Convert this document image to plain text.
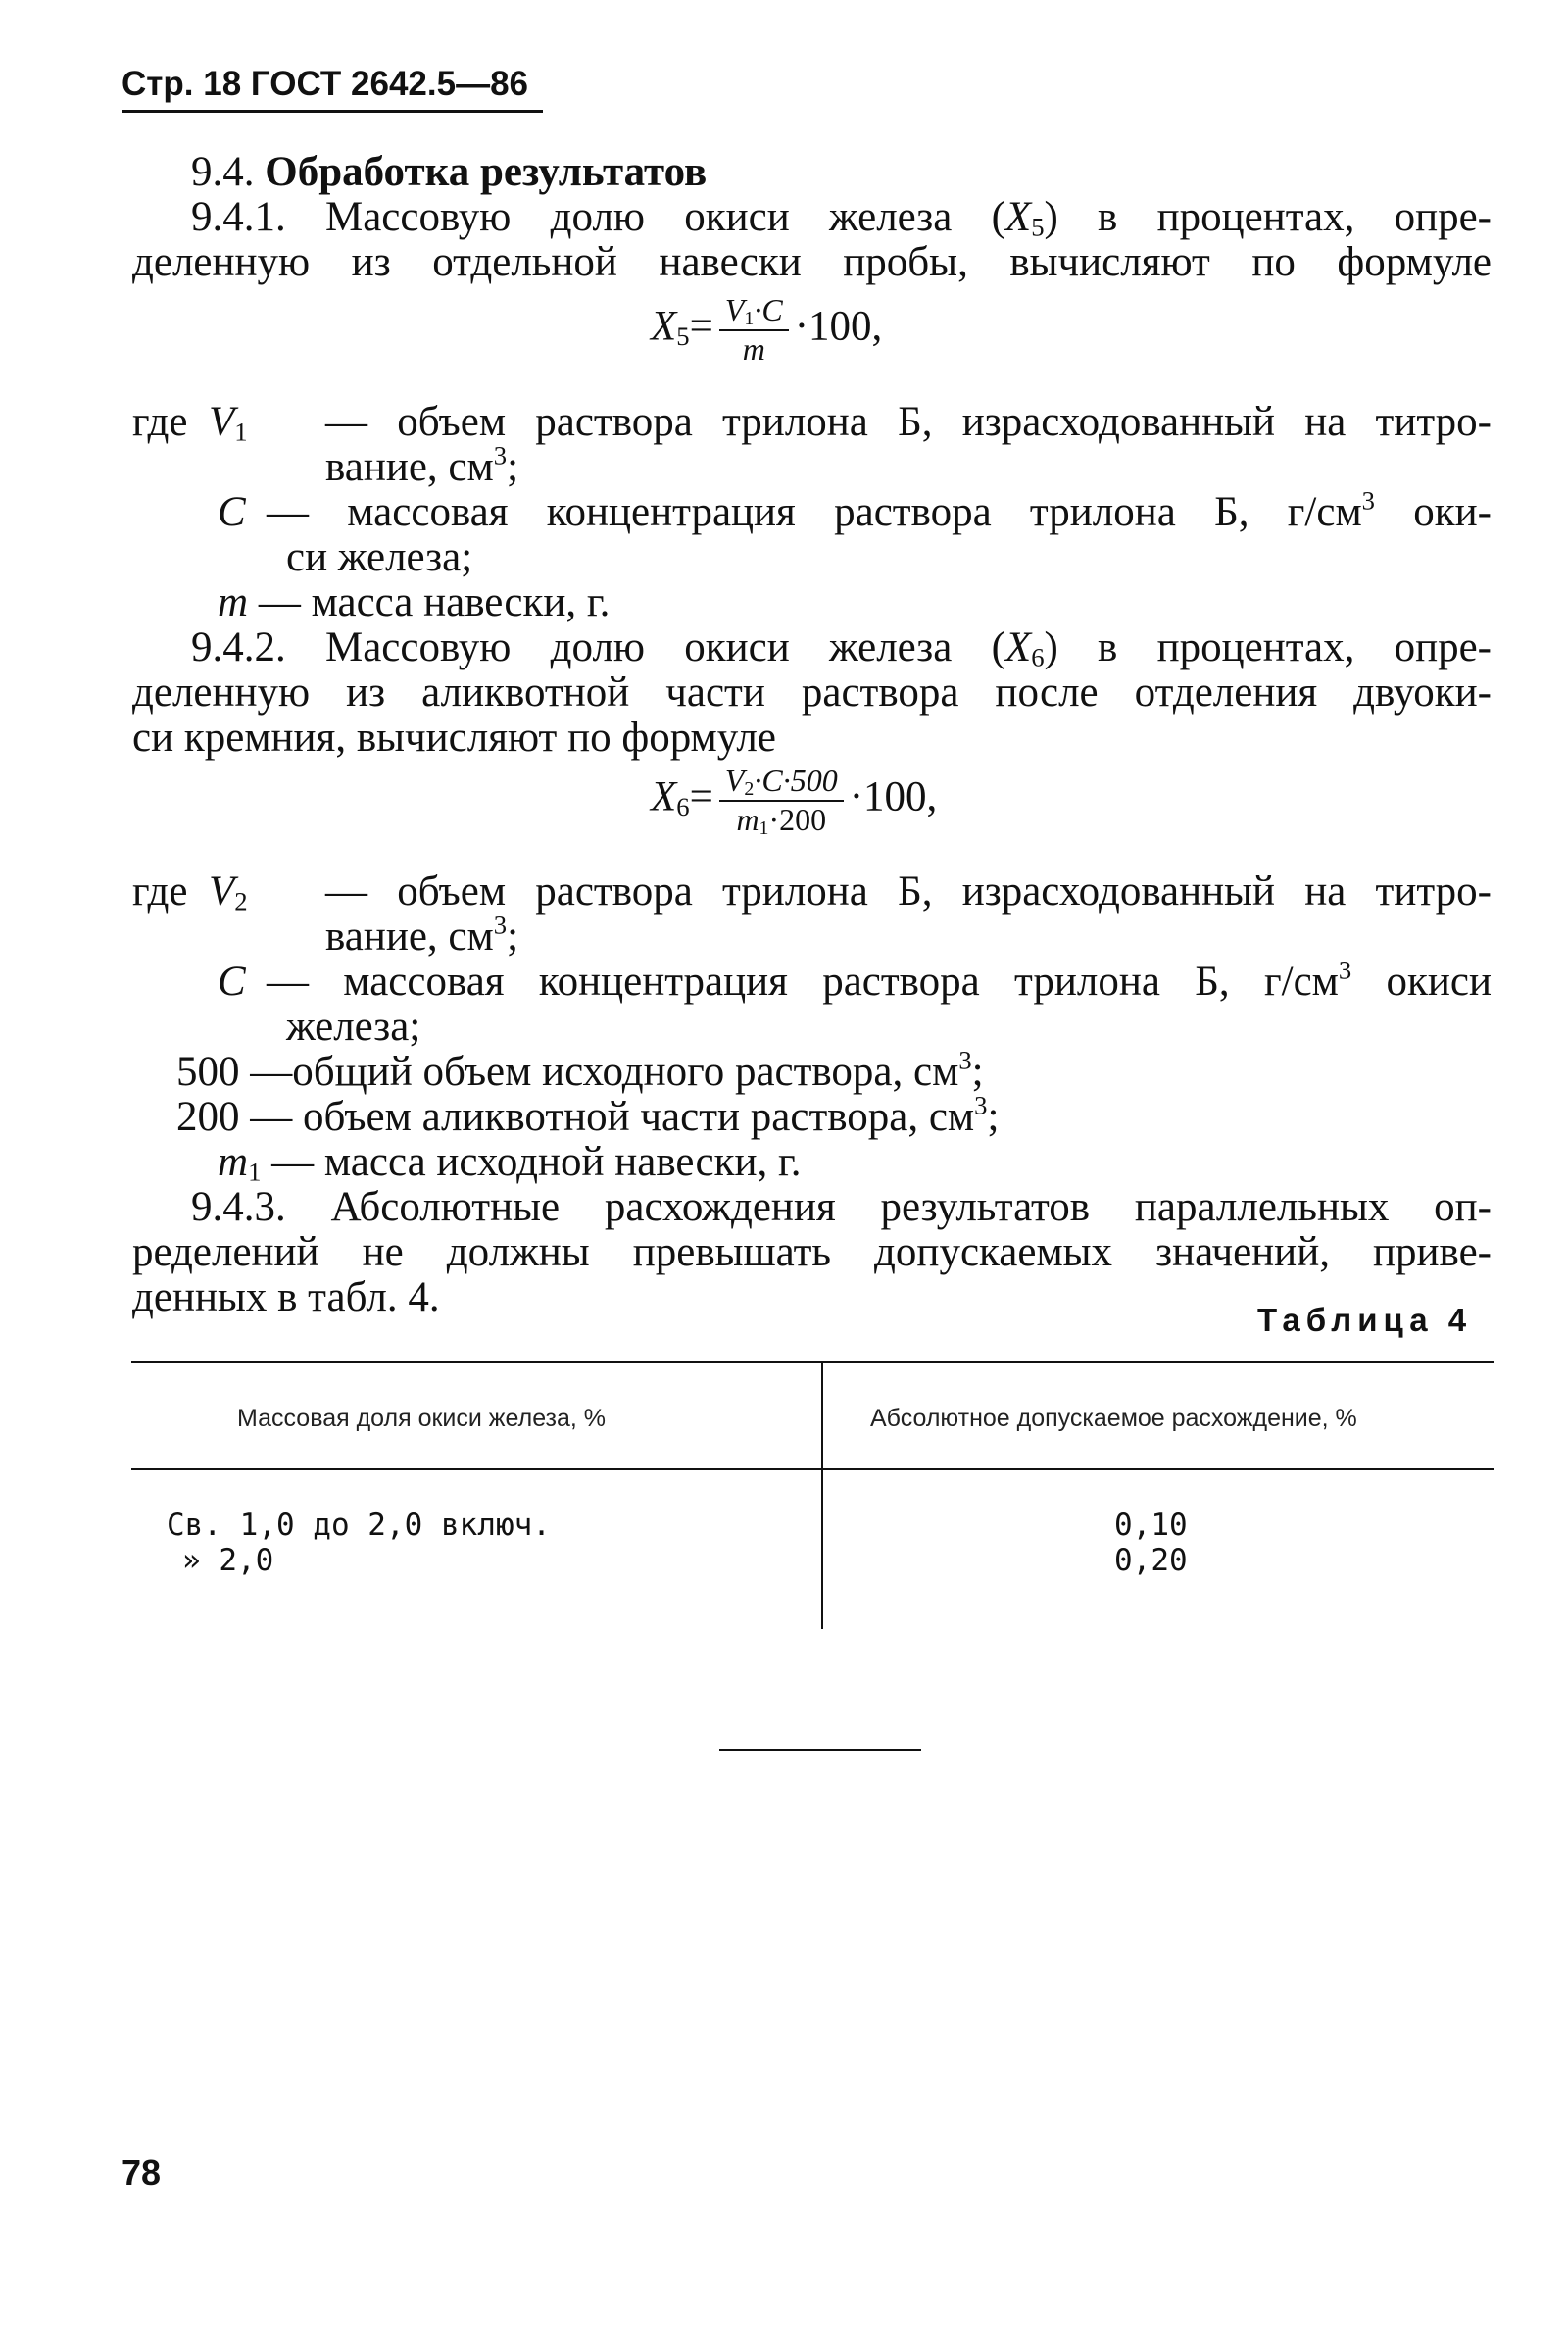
Стр. 18 ГОСТ 2642.5—86
9.4. Обработка результатов
9.4.1. Массовую долю окиси железа $(X_5)$ в процентах, опре-
деленную из отдельной навески пробы, вычисляют по формуле
$X_5= \frac{V_1\cdot C}{m} \cdot 100$,
где $V_1$ — объем раствора трилона Б, израсходованный на титро-
вание, $см^3$;
C — массовая концентрация раствора трилона Б, $г/см^3$ оки-
си железа;
m — масса навески, г.
9.4.2. Массовую долю окиси железа $(X_6)$ в процентах, опре-
деленную из аликвотной части раствора после отделения двуоки-
си кремния, вычисляют по формуле
$X_6= \frac{V_2\cdot C\cdot 500}{m_1\cdot 200} \cdot 100$,
где $V_2$ — объем раствора трилона Б, израсходованный на титро-
вание, $см^3$;
C — массовая концентрация раствора трилона Б, $г/см^3$ окиси
железа;
500 —общий объем исходного раствора, $см^3$;
200 — объем аликвотной части раствора, $см^3$;
$m_1$ — масса исходной навески, г.
9.4.3. Абсолютные расхождения результатов параллельных оп-
ределений не должны превышать допускаемых значений, приве-
денных в табл. 4.	Таблица 4
Массовая доля окиси железа, %	Абсолютное допускаемое расхождение, %
Св. 1,0 до 2,0 включ.	0,10
» 2,0	0,20
78
